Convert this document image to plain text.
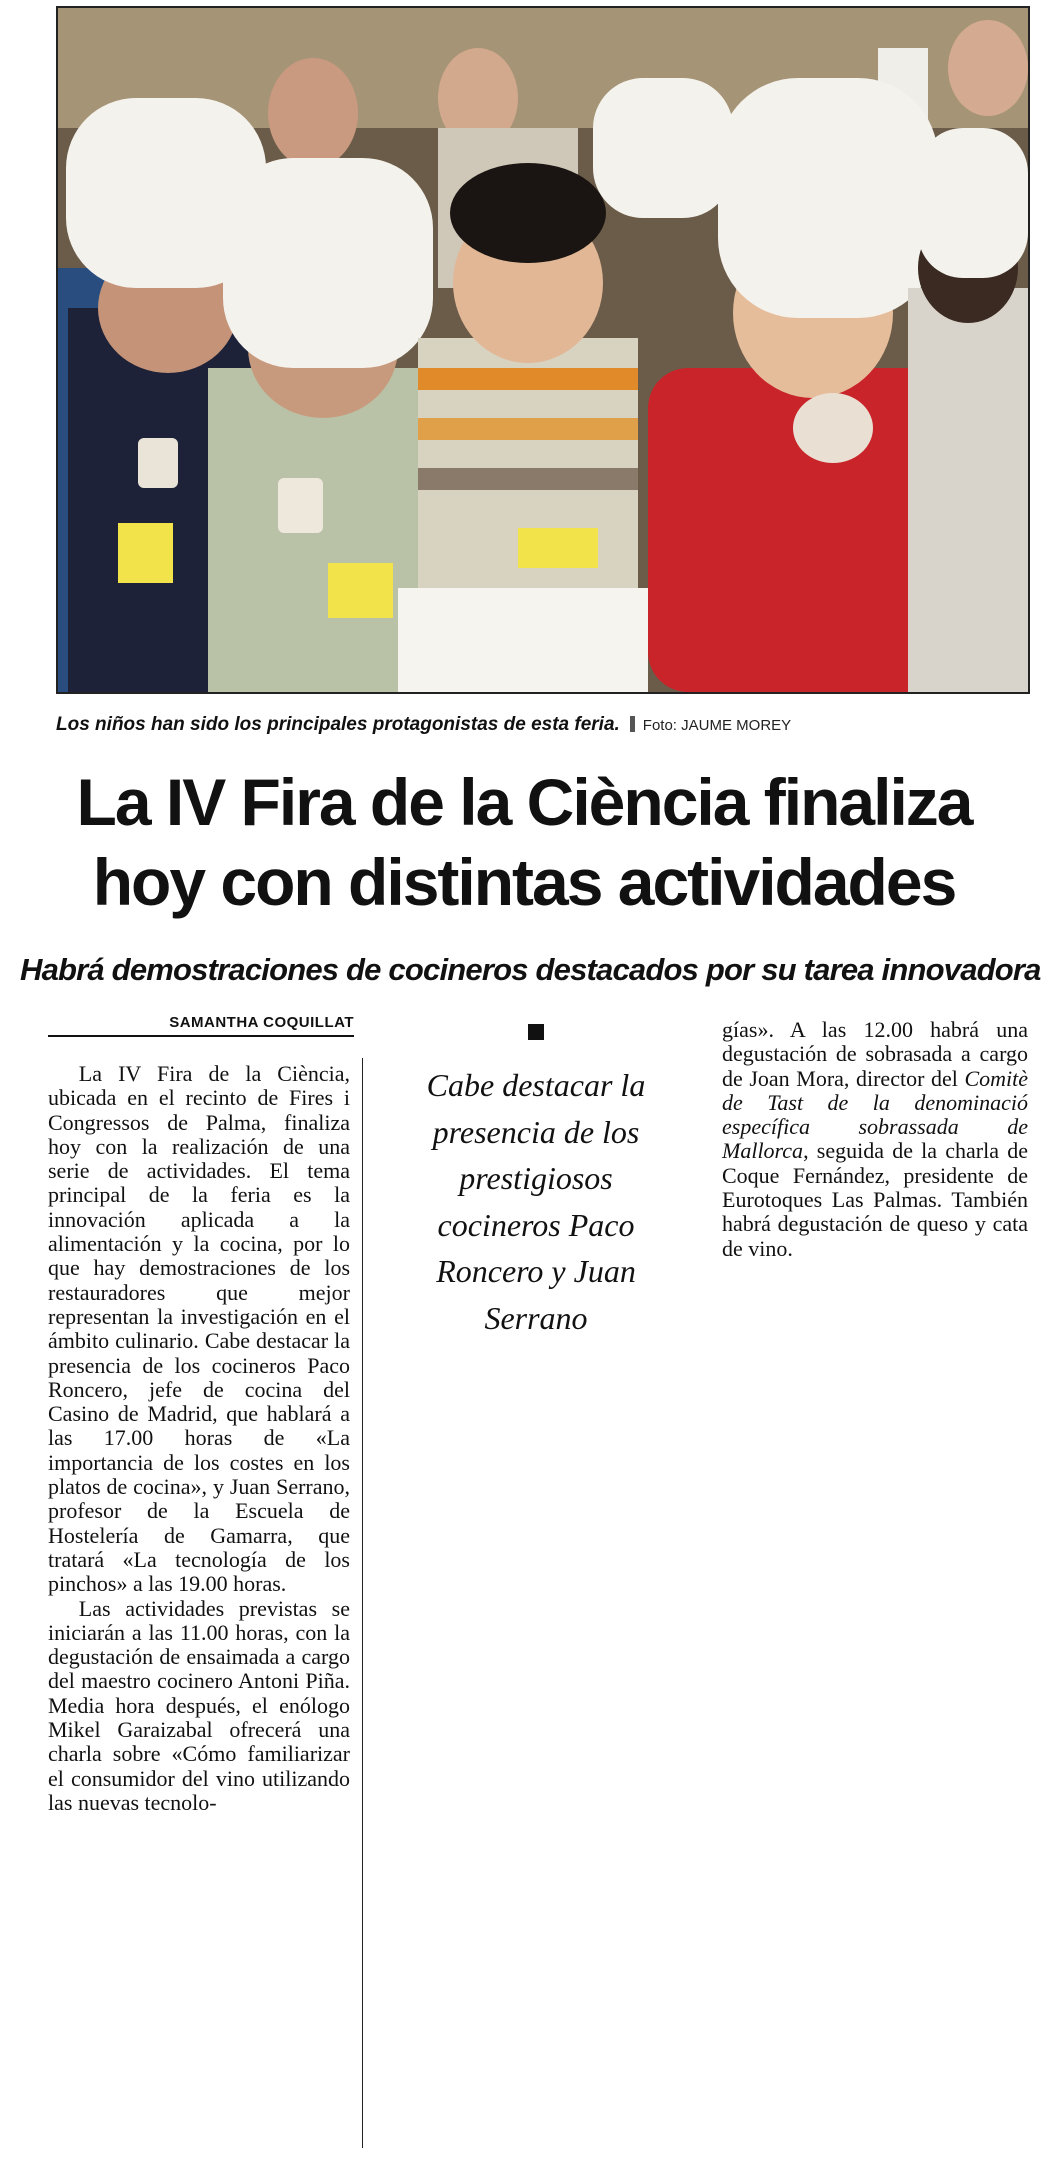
Los niños han sido los principales protagonistas de esta feria. Foto: JAUME MOREY
La IV Fira de la Ciència finaliza
hoy con distintas actividades
Habrá demostraciones de cocineros destacados por su tarea innovadora
SAMANTHA COQUILLAT

La IV Fira de la Ciència, ubicada en el recinto de Fires i Congressos de Palma, finaliza hoy con la realización de una serie de actividades. El tema principal de la feria es la innovación aplicada a la alimentación y la cocina, por lo que hay demostraciones de los restauradores que mejor representan la investigación en el ámbito culinario. Cabe destacar la presencia de los cocineros Paco Roncero, jefe de cocina del Casino de Madrid, que hablará a las 17.00 horas de «La importancia de los costes en los platos de cocina», y Juan Serrano, profesor de la Escuela de Hostelería de Gamarra, que tratará «La tecnología de los pinchos» a las 19.00 horas.

Las actividades previstas se iniciarán a las 11.00 horas, con la degustación de ensaimada a cargo del maestro cocinero Antoni Piña. Media hora después, el enólogo Mikel Garaizabal ofrecerá una charla sobre «Cómo familiarizar el consumidor del vino utilizando las nuevas tecnolo-

Cabe destacar la presencia de los prestigiosos cocineros Paco Roncero y Juan Serrano

gías». A las 12.00 habrá una degustación de sobrasada a cargo de Joan Mora, director del Comitè de Tast de la denominació específica sobrassada de Mallorca, seguida de la charla de Coque Fernández, presidente de Eurotoques Las Palmas. También habrá degustación de queso y cata de vino.
